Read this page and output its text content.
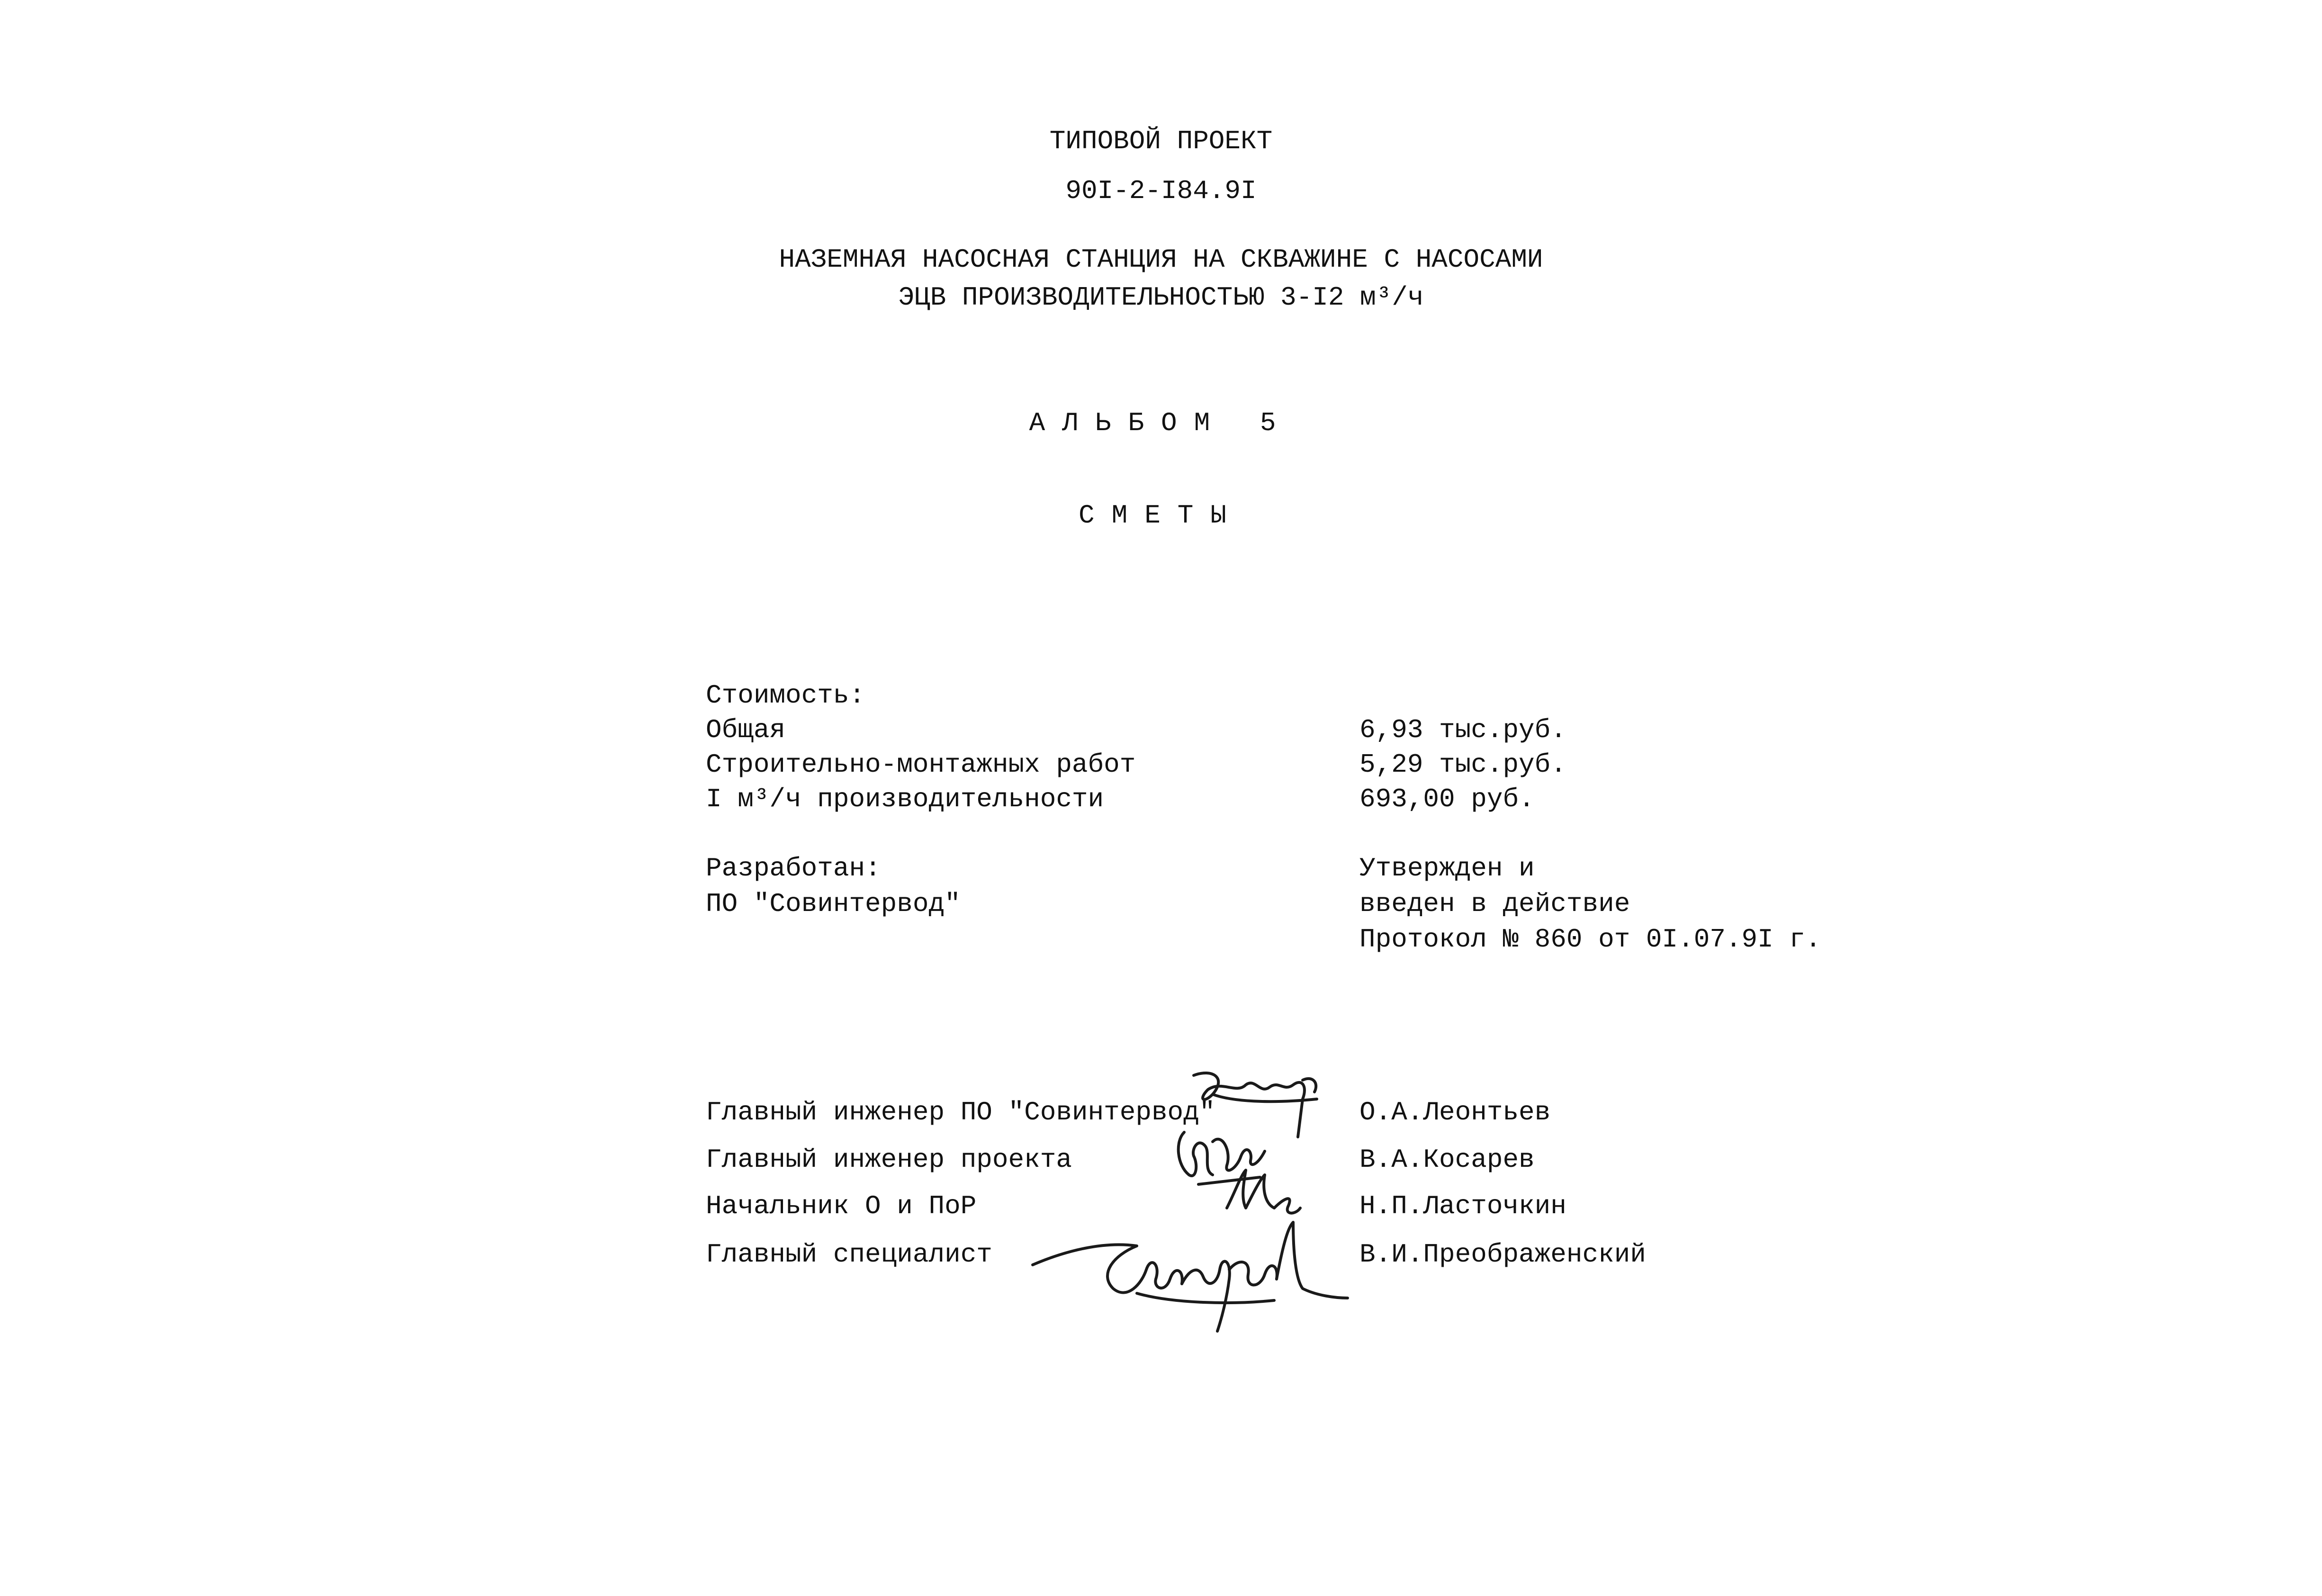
ТИПОВОЙ ПРОЕКТ
90I-2-I84.9I
НАЗЕМНАЯ НАСОСНАЯ СТАНЦИЯ НА СКВАЖИНЕ С НАСОСАМИ
ЭЦВ ПРОИЗВОДИТЕЛЬНОСТЬЮ 3-I2 м³/ч
АЛЬБОМ 5
СМЕТЫ
Стоимость:
Общая	6,93 тыс.руб.
Строительно-монтажных работ	5,29 тыс.руб.
I м³/ч производительности	693,00 руб.
Разработан:
ПО "Совинтервод"
Утвержден и
введен в действие
Протокол № 860 от 0I.07.9I г.
Главный инженер ПО "Совинтервод"	О.А.Леонтьев
Главный инженер проекта	В.А.Косарев
Начальник О и ПоР	Н.П.Ласточкин
Главный специалист	В.И.Преображенский
